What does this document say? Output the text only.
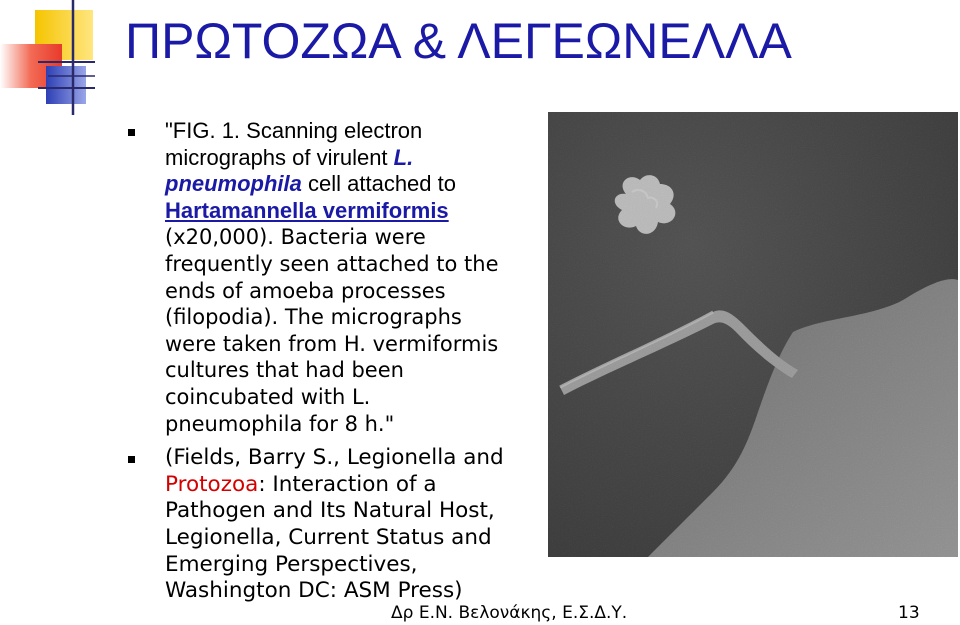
ΠΡΩΤΟΖΩΑ & ΛΕΓΕΩΝΕΛΛΑ
"FIG. 1. Scanning electron
micrographs of virulent L.
pneumophila cell attached to
Hartamannella vermiformis
(x20,000). Bacteria were
frequently seen attached to the
ends of amoeba processes
(filopodia). The micrographs
were taken from H. vermiformis
cultures that had been
coincubated with L.
pneumophila for 8 h."
(Fields, Barry S., Legionella and
Protozoa: Interaction of a
Pathogen and Its Natural Host,
Legionella, Current Status and
Emerging Perspectives,
Washington DC: ASM Press)
Δρ Ε.Ν. Βελονάκης, Ε.Σ.Δ.Υ.	13
